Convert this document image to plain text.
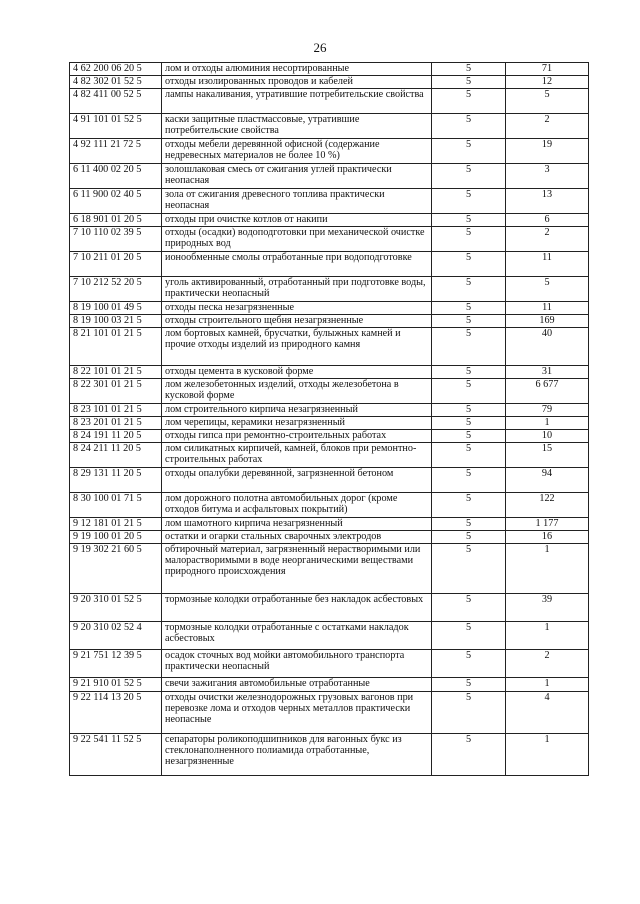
26
4 62 200 06 20 5	лом и отходы алюминия несортированные	5	71
4 82 302 01 52 5	отходы изолированных проводов и кабелей	5	12
4 82 411 00 52 5	лампы накаливания, утратившие потребительские свойства	5	5
4 91 101 01 52 5	каски защитные пластмассовые, утратившие потребительские свойства	5	2
4 92 111 21 72 5	отходы мебели деревянной офисной (содержание недревесных материалов не более 10 %)	5	19
6 11 400 02 20 5	золошлаковая смесь от сжигания углей практически неопасная	5	3
6 11 900 02 40 5	зола от сжигания древесного топлива практически неопасная	5	13
6 18 901 01 20 5	отходы при очистке котлов от накипи	5	6
7 10 110 02 39 5	отходы (осадки) водоподготовки при механической очистке природных вод	5	2
7 10 211 01 20 5	ионообменные смолы отработанные при водоподготовке	5	11
7 10 212 52 20 5	уголь активированный, отработанный при подготовке воды, практически неопасный	5	5
8 19 100 01 49 5	отходы песка незагрязненные	5	11
8 19 100 03 21 5	отходы строительного щебня незагрязненные	5	169
8 21 101 01 21 5	лом бортовых камней, брусчатки, булыжных камней и прочие отходы изделий из природного камня	5	40
8 22 101 01 21 5	отходы цемента в кусковой форме	5	31
8 22 301 01 21 5	лом железобетонных изделий, отходы железобетона в кусковой форме	5	6 677
8 23 101 01 21 5	лом строительного кирпича незагрязненный	5	79
8 23 201 01 21 5	лом черепицы, керамики незагрязненный	5	1
8 24 191 11 20 5	отходы гипса при ремонтно-строительных работах	5	10
8 24 211 11 20 5	лом силикатных кирпичей, камней, блоков при ремонтно-строительных работах	5	15
8 29 131 11 20 5	отходы опалубки деревянной, загрязненной бетоном	5	94
8 30 100 01 71 5	лом дорожного полотна автомобильных дорог (кроме отходов битума и асфальтовых покрытий)	5	122
9 12 181 01 21 5	лом шамотного кирпича незагрязненный	5	1 177
9 19 100 01 20 5	остатки и огарки стальных сварочных электродов	5	16
9 19 302 21 60 5	обтирочный материал, загрязненный нерастворимыми или малорастворимыми в воде неорганическими веществами природного происхождения	5	1
9 20 310 01 52 5	тормозные колодки отработанные без накладок асбестовых	5	39
9 20 310 02 52 4	тормозные колодки отработанные с остатками накладок асбестовых	5	1
9 21 751 12 39 5	осадок сточных вод мойки автомобильного транспорта практически неопасный	5	2
9 21 910 01 52 5	свечи зажигания автомобильные отработанные	5	1
9 22 114 13 20 5	отходы очистки железнодорожных грузовых вагонов при перевозке лома и отходов черных металлов практически неопасные	5	4
9 22 541 11 52 5	сепараторы роликоподшипников для вагонных букс из стеклонаполненного полиамида отработанные, незагрязненные	5	1
